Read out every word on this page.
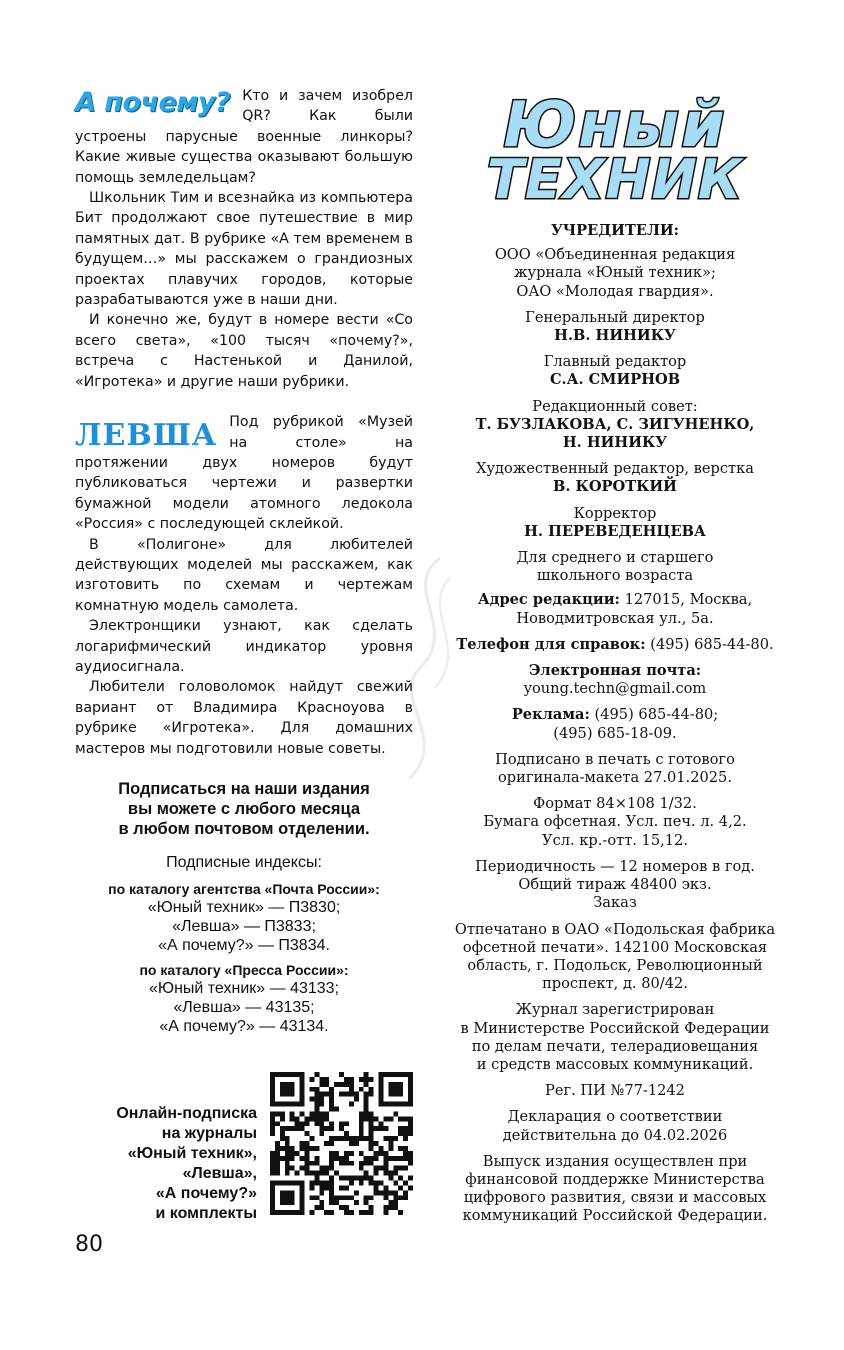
А почему? Кто и зачем изобрел QR? Как были устроены парусные военные линкоры? Какие живые существа оказывают большую помощь земледельцам?

Школьник Тим и всезнайка из компьютера Бит продолжают свое путешествие в мир памятных дат. В рубрике «А тем временем в будущем…» мы расскажем о грандиозных проектах плавучих городов, которые разрабатываются уже в наши дни.

И конечно же, будут в номере вести «Со всего света», «100 тысяч «почему?», встреча с Настенькой и Данилой, «Игротека» и другие наши рубрики.

ЛЕВША Под рубрикой «Музей на столе» на протяжении двух номеров будут публиковаться чертежи и развертки бумажной модели атомного ледокола «Россия» с последующей склейкой.

В «Полигоне» для любителей действующих моделей мы расскажем, как изготовить по схемам и чертежам комнатную модель самолета.

Электронщики узнают, как сделать логарифмический индикатор уровня аудиосигнала.

Любители головоломок найдут свежий вариант от Владимира Красноуова в рубрике «Игротека». Для домашних мастеров мы подготовили новые советы.

Подписаться на наши издания
вы можете с любого месяца
в любом почтовом отделении.
Подписные индексы:
по каталогу агентства «Почта России»:
«Юный техник» — П3830;
«Левша» — П3833;
«А почему?» — П3834.
по каталогу «Пресса России»:
«Юный техник» — 43133;
«Левша» — 43135;
«А почему?» — 43134.
Онлайн-подписка
на журналы
«Юный техник»,
«Левша»,
«А почему?»
и комплекты
80
Юный
ТЕХНИК
УЧРЕДИТЕЛИ:
ООО «Объединенная редакция
журнала «Юный техник»;
ОАО «Молодая гвардия».
Генеральный директор
Н.В. НИНИКУ
Главный редактор
С.А. СМИРНОВ
Редакционный совет:
Т. БУЗЛАКОВА, С. ЗИГУНЕНКО,
Н. НИНИКУ
Художественный редактор, верстка
В. КОРОТКИЙ
Корректор
Н. ПЕРЕВЕДЕНЦЕВА
Для среднего и старшего
школьного возраста
Адрес редакции: 127015, Москва,
Новодмитровская ул., 5а.
Телефон для справок: (495) 685-44-80.
Электронная почта:
young.techn@gmail.com
Реклама: (495) 685-44-80;
(495) 685-18-09.
Подписано в печать с готового
оригинала-макета 27.01.2025.
Формат 84×108 1/32.
Бумага офсетная. Усл. печ. л. 4,2.
Усл. кр.-отт. 15,12.
Периодичность — 12 номеров в год.
Общий тираж 48400 экз.
Заказ
Отпечатано в ОАО «Подольская фабрика
офсетной печати». 142100 Московская
область, г. Подольск, Революционный
проспект, д. 80/42.
Журнал зарегистрирован
в Министерстве Российской Федерации
по делам печати, телерадиовещания
и средств массовых коммуникаций.
Рег. ПИ №77-1242
Декларация о соответствии
действительна до 04.02.2026
Выпуск издания осуществлен при
финансовой поддержке Министерства
цифрового развития, связи и массовых
коммуникаций Российской Федерации.
